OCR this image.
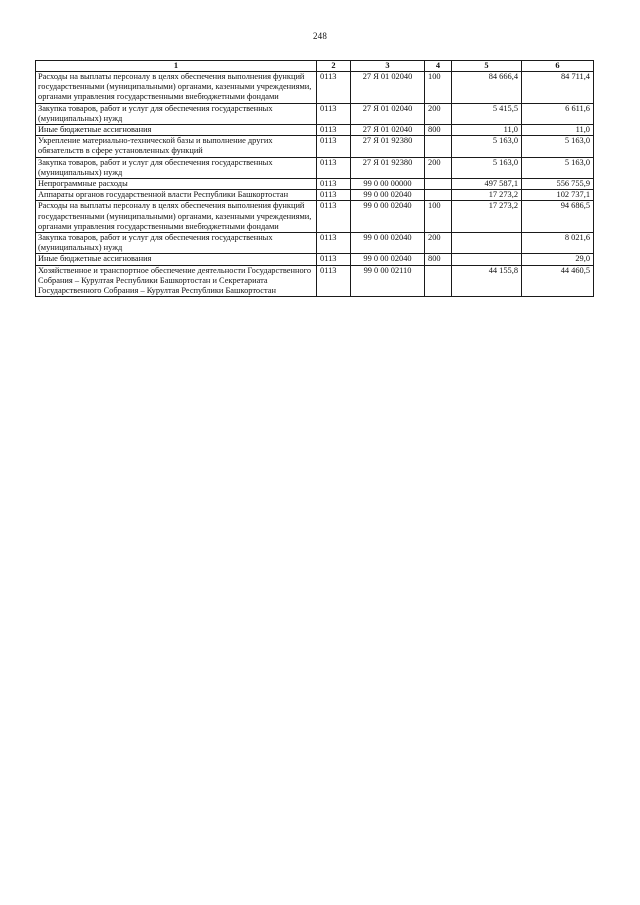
248
1	2	3	4	5	6
Расходы на выплаты персоналу в целях обеспечения выполнения функций государственными (муниципальными) органами, казенными учреждениями, органами управления государственными внебюджетными фондами	0113	27 Я 01 02040	100	84 666,4	84 711,4
Закупка товаров, работ и услуг для обеспечения государственных (муниципальных) нужд	0113	27 Я 01 02040	200	5 415,5	6 611,6
Иные бюджетные ассигнования	0113	27 Я 01 02040	800	11,0	11,0
Укрепление материально-технической базы и выполнение других обязательств в сфере установленных функций	0113	27 Я 01 92380		5 163,0	5 163,0
Закупка товаров, работ и услуг для обеспечения государственных (муниципальных) нужд	0113	27 Я 01 92380	200	5 163,0	5 163,0
Непрограммные расходы	0113	99 0 00 00000		497 587,1	556 755,9
Аппараты органов государственной власти Республики Башкортостан	0113	99 0 00 02040		17 273,2	102 737,1
Расходы на выплаты персоналу в целях обеспечения выполнения функций государственными (муниципальными) органами, казенными учреждениями, органами управления государственными внебюджетными фондами	0113	99 0 00 02040	100	17 273,2	94 686,5
Закупка товаров, работ и услуг для обеспечения государственных (муниципальных) нужд	0113	99 0 00 02040	200		8 021,6
Иные бюджетные ассигнования	0113	99 0 00 02040	800		29,0
Хозяйственное и транспортное обеспечение деятельности Государственного Собрания – Курултая Республики Башкортостан и Секретариата Государственного Собрания – Курултая Республики Башкортостан	0113	99 0 00 02110		44 155,8	44 460,5
